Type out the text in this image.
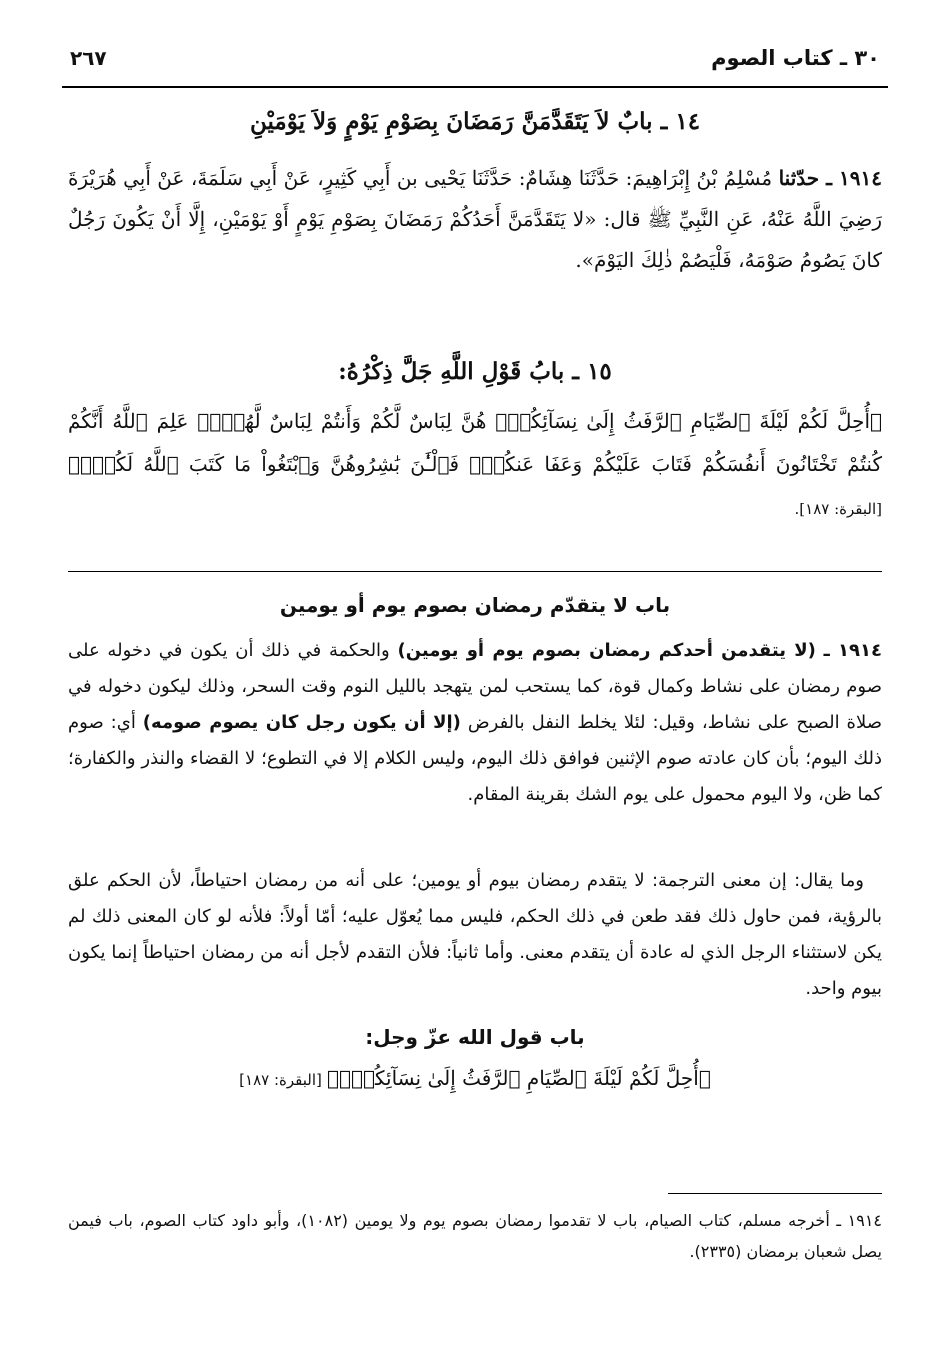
٣٠ ـ كتاب الصوم
٢٦٧
١٤ ـ بابٌ لاَ يَتَقَدَّمَنَّ رَمَضَانَ بِصَوْمِ يَوْمٍ وَلاَ يَوْمَيْنِ
١٩١٤ ـ حدّثنا مُسْلِمُ بْنُ إِبْرَاهِيمَ: حَدَّثَنَا هِشَامٌ: حَدَّثَنَا يَحْيى بن أَبِي كَثِيرٍ، عَنْ أَبِي سَلَمَةَ، عَنْ أَبِي هُرَيْرَةَ رَضِيَ اللَّهُ عَنْهُ، عَنِ النَّبِيِّ ﷺ قال: «لا يَتَقَدَّمَنَّ أَحَدُكُمْ رَمَضَانَ بِصَوْمِ يَوْمٍ أَوْ يَوْمَيْنِ، إِلَّا أَنْ يَكُونَ رَجُلٌ كانَ يَصُومُ صَوْمَهُ، فَلْيَصُمْ ذٰلِكَ اليَوْمَ».
١٥ ـ بابُ قَوْلِ اللَّهِ جَلَّ ذِكْرُهُ:
﴿أُحِلَّ لَكُمْ لَيْلَةَ ٱلصِّيَامِ ٱلرَّفَثُ إِلَىٰ نِسَآئِكُمْۚ هُنَّ لِبَاسٌ لَّكُمْ وَأَنتُمْ لِبَاسٌ لَّهُنَّۗ عَلِمَ ٱللَّهُ أَنَّكُمْ كُنتُمْ تَخْتَانُونَ أَنفُسَكُمْ فَتَابَ عَلَيْكُمْ وَعَفَا عَنكُمْۖ فَٱلْـَٰٔنَ بَٰشِرُوهُنَّ وَٱبْتَغُواْ مَا كَتَبَ ٱللَّهُ لَكُمْۚ﴾ [البقرة: ١٨٧].
باب لا يتقدّم رمضان بصوم يوم أو يومين
١٩١٤ ـ (لا يتقدمن أحدكم رمضان بصوم يوم أو يومين) والحكمة في ذلك أن يكون في دخوله على صوم رمضان على نشاط وكمال قوة، كما يستحب لمن يتهجد بالليل النوم وقت السحر، وذلك ليكون دخوله في صلاة الصبح على نشاط، وقيل: لئلا يخلط النفل بالفرض (إلا أن يكون رجل كان يصوم صومه) أي: صوم ذلك اليوم؛ بأن كان عادته صوم الإثنين فوافق ذلك اليوم، وليس الكلام إلا في التطوع؛ لا القضاء والنذر والكفارة؛ كما ظن، ولا اليوم محمول على يوم الشك بقرينة المقام.
وما يقال: إن معنى الترجمة: لا يتقدم رمضان بيوم أو يومين؛ على أنه من رمضان احتياطاً، لأن الحكم علق بالرؤية، فمن حاول ذلك فقد طعن في ذلك الحكم، فليس مما يُعوّل عليه؛ أمّا أولاً: فلأنه لو كان المعنى ذلك لم يكن لاستثناء الرجل الذي له عادة أن يتقدم معنى. وأما ثانياً: فلأن التقدم لأجل أنه من رمضان احتياطاً إنما يكون بيوم واحد.
باب قول الله عزّ وجل:
﴿أُحِلَّ لَكُمْ لَيْلَةَ ٱلصِّيَامِ ٱلرَّفَثُ إِلَىٰ نِسَآئِكُمْۚ﴾ [البقرة: ١٨٧]
١٩١٤ ـ أخرجه مسلم، كتاب الصيام، باب لا تقدموا رمضان بصوم يوم ولا يومين (١٠٨٢)، وأبو داود كتاب الصوم، باب فيمن يصل شعبان برمضان (٢٣٣٥).
